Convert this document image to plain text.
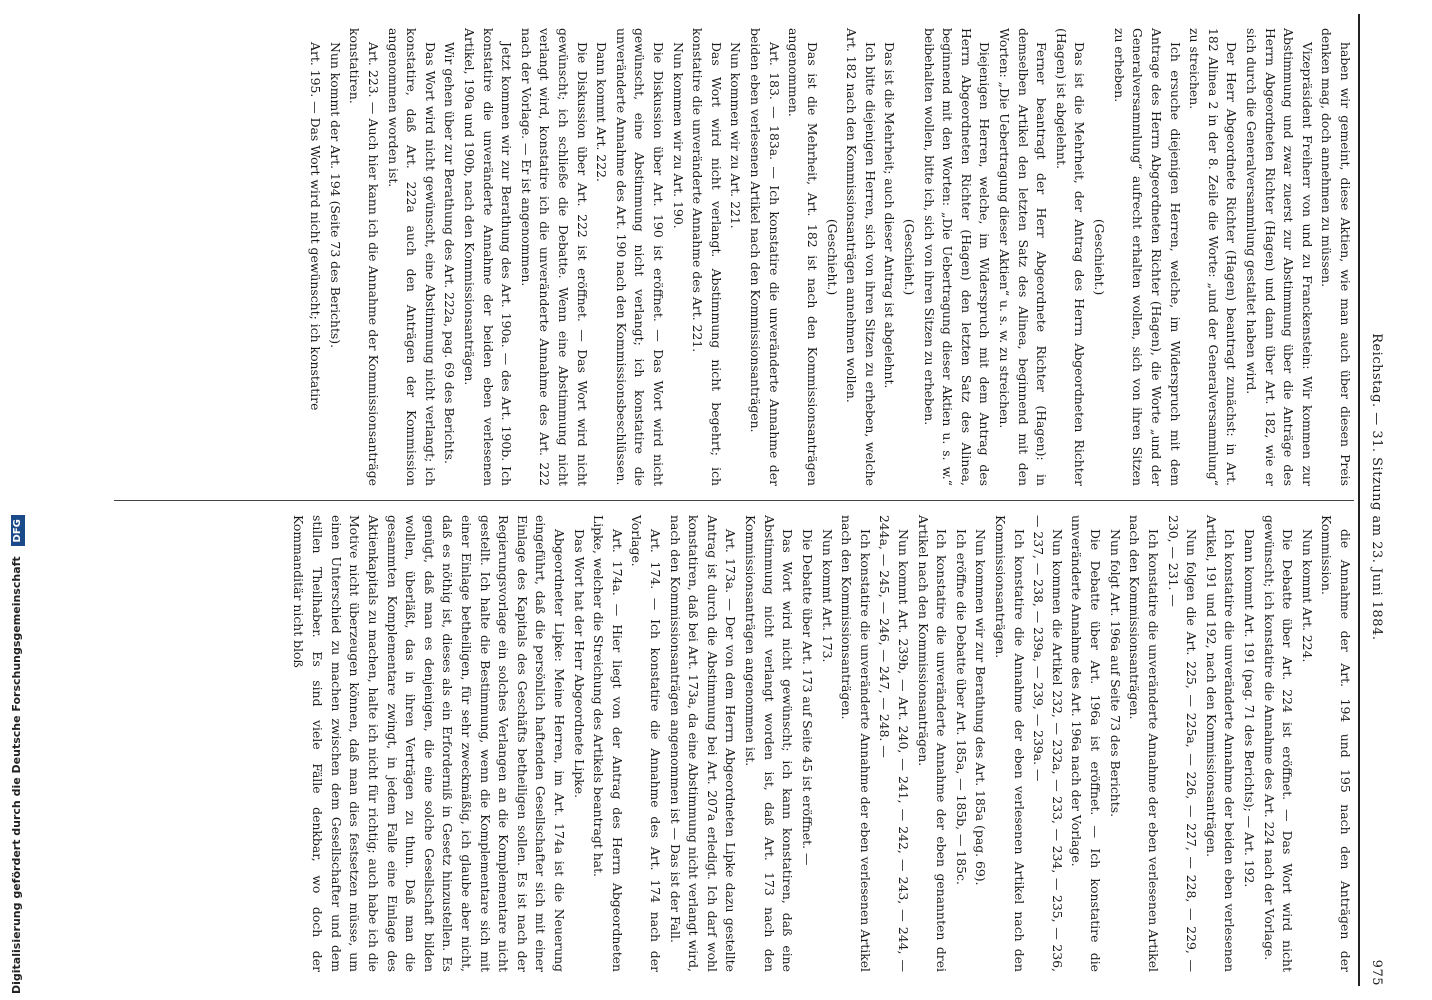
Reichstag. — 31. Sitzung am 23. Juni 1884.
975

haben wir gemeint, diese Aktien, wie man auch über diesen Preis denken mag, doch annehmen zu müssen.

Vizepräsident Freiherr von und zu Franckenstein: Wir kommen zur Abstimmung und zwar zuerst zur Abstimmung über die Anträge des Herrn Abgeordneten Richter (Hagen) und dann über Art. 182, wie er sich durch die Generalversammlung gestaltet haben wird.

Der Herr Abgeordnete Richter (Hagen) beantragt zunächst: in Art. 182 Alinea 2 in der 8. Zeile die Worte: „und der Generalversammlung“ zu streichen.

Ich ersuche diejenigen Herren, welche, im Widerspruch mit dem Antrage des Herrn Abgeordneten Richter (Hagen), die Worte „und der Generalversammlung“ aufrecht erhalten wollen, sich von ihren Sitzen zu erheben.

(Geschieht.)

Das ist die Mehrheit, der Antrag des Herrn Abgeordneten Richter (Hagen) ist abgelehnt.

Ferner beantragt der Herr Abgeordnete Richter (Hagen): in demselben Artikel den letzten Satz des Alinea, beginnend mit den Worten: „Die Uebertragung dieser Aktien“ u. s. w. zu streichen.

Diejenigen Herren, welche, im Widerspruch mit dem Antrag des Herrn Abgeordneten Richter (Hagen) den letzten Satz des Alinea, beginnend mit den Worten: „Die Uebertragung dieser Aktien u. s. w.“ beibehalten wollen, bitte ich, sich von ihren Sitzen zu erheben.

(Geschieht.)

Das ist die Mehrheit; auch dieser Antrag ist abgelehnt.

Ich bitte diejenigen Herren, sich von ihren Sitzen zu erheben, welche Art. 182 nach den Kommissionsanträgen annehmen wollen.

(Geschieht.)

Das ist die Mehrheit, Art. 182 ist nach den Kommissionsanträgen angenommen.

Art. 183. — 183a. — Ich konstatire die unveränderte Annahme der beiden eben verlesenen Artikel nach den Kommissionsanträgen.

Nun kommen wir zu Art. 221.

Das Wort wird nicht verlangt. Abstimmung nicht begehrt; ich konstatire die unveränderte Annahme des Art. 221.

Nun kommen wir zu Art. 190.

Die Diskussion über Art. 190 ist eröffnet. — Das Wort wird nicht gewünscht, eine Abstimmung nicht verlangt; ich konstatire die unveränderte Annahme des Art. 190 nach den Kommissionsbeschlüssen.

Dann kommt Art. 222.

Die Diskussion über Art. 222 ist eröffnet. — Das Wort wird nicht gewünscht; ich schließe die Debatte. Wenn eine Abstimmung nicht verlangt wird, konstatire ich die unveränderte Annahme des Art. 222 nach der Vorlage. — Er ist angenommen.

Jetzt kommen wir zur Berathung des Art. 190a. — des Art. 190b. Ich konstatire die unveränderte Annahme der beiden eben verlesenen Artikel, 190a und 190b, nach den Kommissionsanträgen.

Wir gehen über zur Berathung des Art. 222a, pag. 69 des Berichts.

Das Wort wird nicht gewünscht, eine Abstimmung nicht verlangt; ich konstatire, daß Art. 222a auch den Anträgen der Kommission angenommen worden ist.

Art. 223. — Auch hier kann ich die Annahme der Kommissionsanträge konstatiren.

Nun kommt der Art. 194 (Seite 73 des Berichts).

Art. 195. — Das Wort wird nicht gewünscht; ich konstatire

die Annahme der Art. 194 und 195 nach den Anträgen der Kommission.

Nun kommt Art. 224.

Die Debatte über Art. 224 ist eröffnet. — Das Wort wird nicht gewünscht; ich konstatire die Annahme des Art. 224 nach der Vorlage.

Dann kommt Art. 191 (pag. 71 des Berichts); — Art. 192.

Ich konstatire die unveränderte Annahme der beiden eben verlesenen Artikel, 191 und 192, nach den Kommissionsanträgen.

Nun folgen die Art. 225, — 225a, — 226, — 227, — 228, — 229, — 230, — 231. —

Ich konstatire die unveränderte Annahme der eben verlesenen Artikel nach den Kommissionsanträgen.

Nun folgt Art. 196a auf Seite 73 des Berichts.

Die Debatte über Art. 196a ist eröffnet. — Ich konstatire die unveränderte Annahme des Art. 196a nach der Vorlage.

Nun kommen die Artikel 232, — 232a, — 233, — 234, — 235, — 236, — 237, — 238, — 239a, — 239, — 239a. —

Ich konstatire die Annahme der eben verlesenen Artikel nach den Kommissionsanträgen.

Nun kommen wir zur Berathung des Art. 185a (pag. 69).

Ich eröffne die Debatte über Art. 185a, — 185b, — 185c.

Ich konstatire die unveränderte Annahme der eben genannten drei Artikel nach den Kommissionsanträgen.

Nun kommt Art. 239b, — Art. 240, — 241, — 242, — 243, — 244, — 244a, — 245, — 246, — 247, — 248. —

Ich konstatire die unveränderte Annahme der eben verlesenen Artikel nach den Kommissionsanträgen.

Nun kommt Art. 173.

Die Debatte über Art. 173 auf Seite 45 ist eröffnet. —

Das Wort wird nicht gewünscht; ich kann konstatiren, daß eine Abstimmung nicht verlangt worden ist, daß Art. 173 nach den Kommissionsanträgen angenommen ist.

Art. 173a. — Der von dem Herrn Abgeordneten Lipke dazu gestellte Antrag ist durch die Abstimmung bei Art. 207a erledigt. Ich darf wohl konstatiren, daß bei Art. 173a, da eine Abstimmung nicht verlangt wird, nach den Kommissionsanträgen angenommen ist — Das ist der Fall.

Art. 174. — Ich konstatire die Annahme des Art. 174 nach der Vorlage.

Art. 174a. — Hier liegt von der Antrag des Herrn Abgeordneten Lipke, welcher die Streichung des Artikels beantragt hat.

Das Wort hat der Herr Abgeordnete Lipke.

Abgeordneter Lipke: Meine Herren, im Art. 174a ist die Neuerung eingeführt, daß die persönlich haftenden Gesellschafter sich mit einer Einlage des Kapitals des Geschäfts betheiligen sollen. Es ist nach der Regierungsvorlage ein solches Verlangen an die Komplementare nicht gestellt. Ich halte die Bestimmung, wenn die Komplementare sich mit einer Einlage betheiligen, für sehr zweckmäßig, ich glaube aber nicht, daß es nöthig ist, dieses als ein Erforderniß in Gesetz hinzustellen. Es genügt, daß man es denjenigen, die eine solche Gesellschaft bilden wollen, überläßt, das in ihren Verträgen zu thun. Daß man die gesammten Komplementare zwingt, in jedem Falle eine Einlage des Aktienkapitals zu machen, halte ich nicht für richtig; auch habe ich die Motive nicht überzeugen können, daß man dies festsetzen müsse, um einen Unterschied zu machen zwischen dem Gesellschafter und dem stillen Theilhaber. Es sind viele Fälle denkbar, wo doch der Kommanditär nicht bloß

Digitalisierung gefördert durch die Deutsche Forschungsgemeinschaft DFG
